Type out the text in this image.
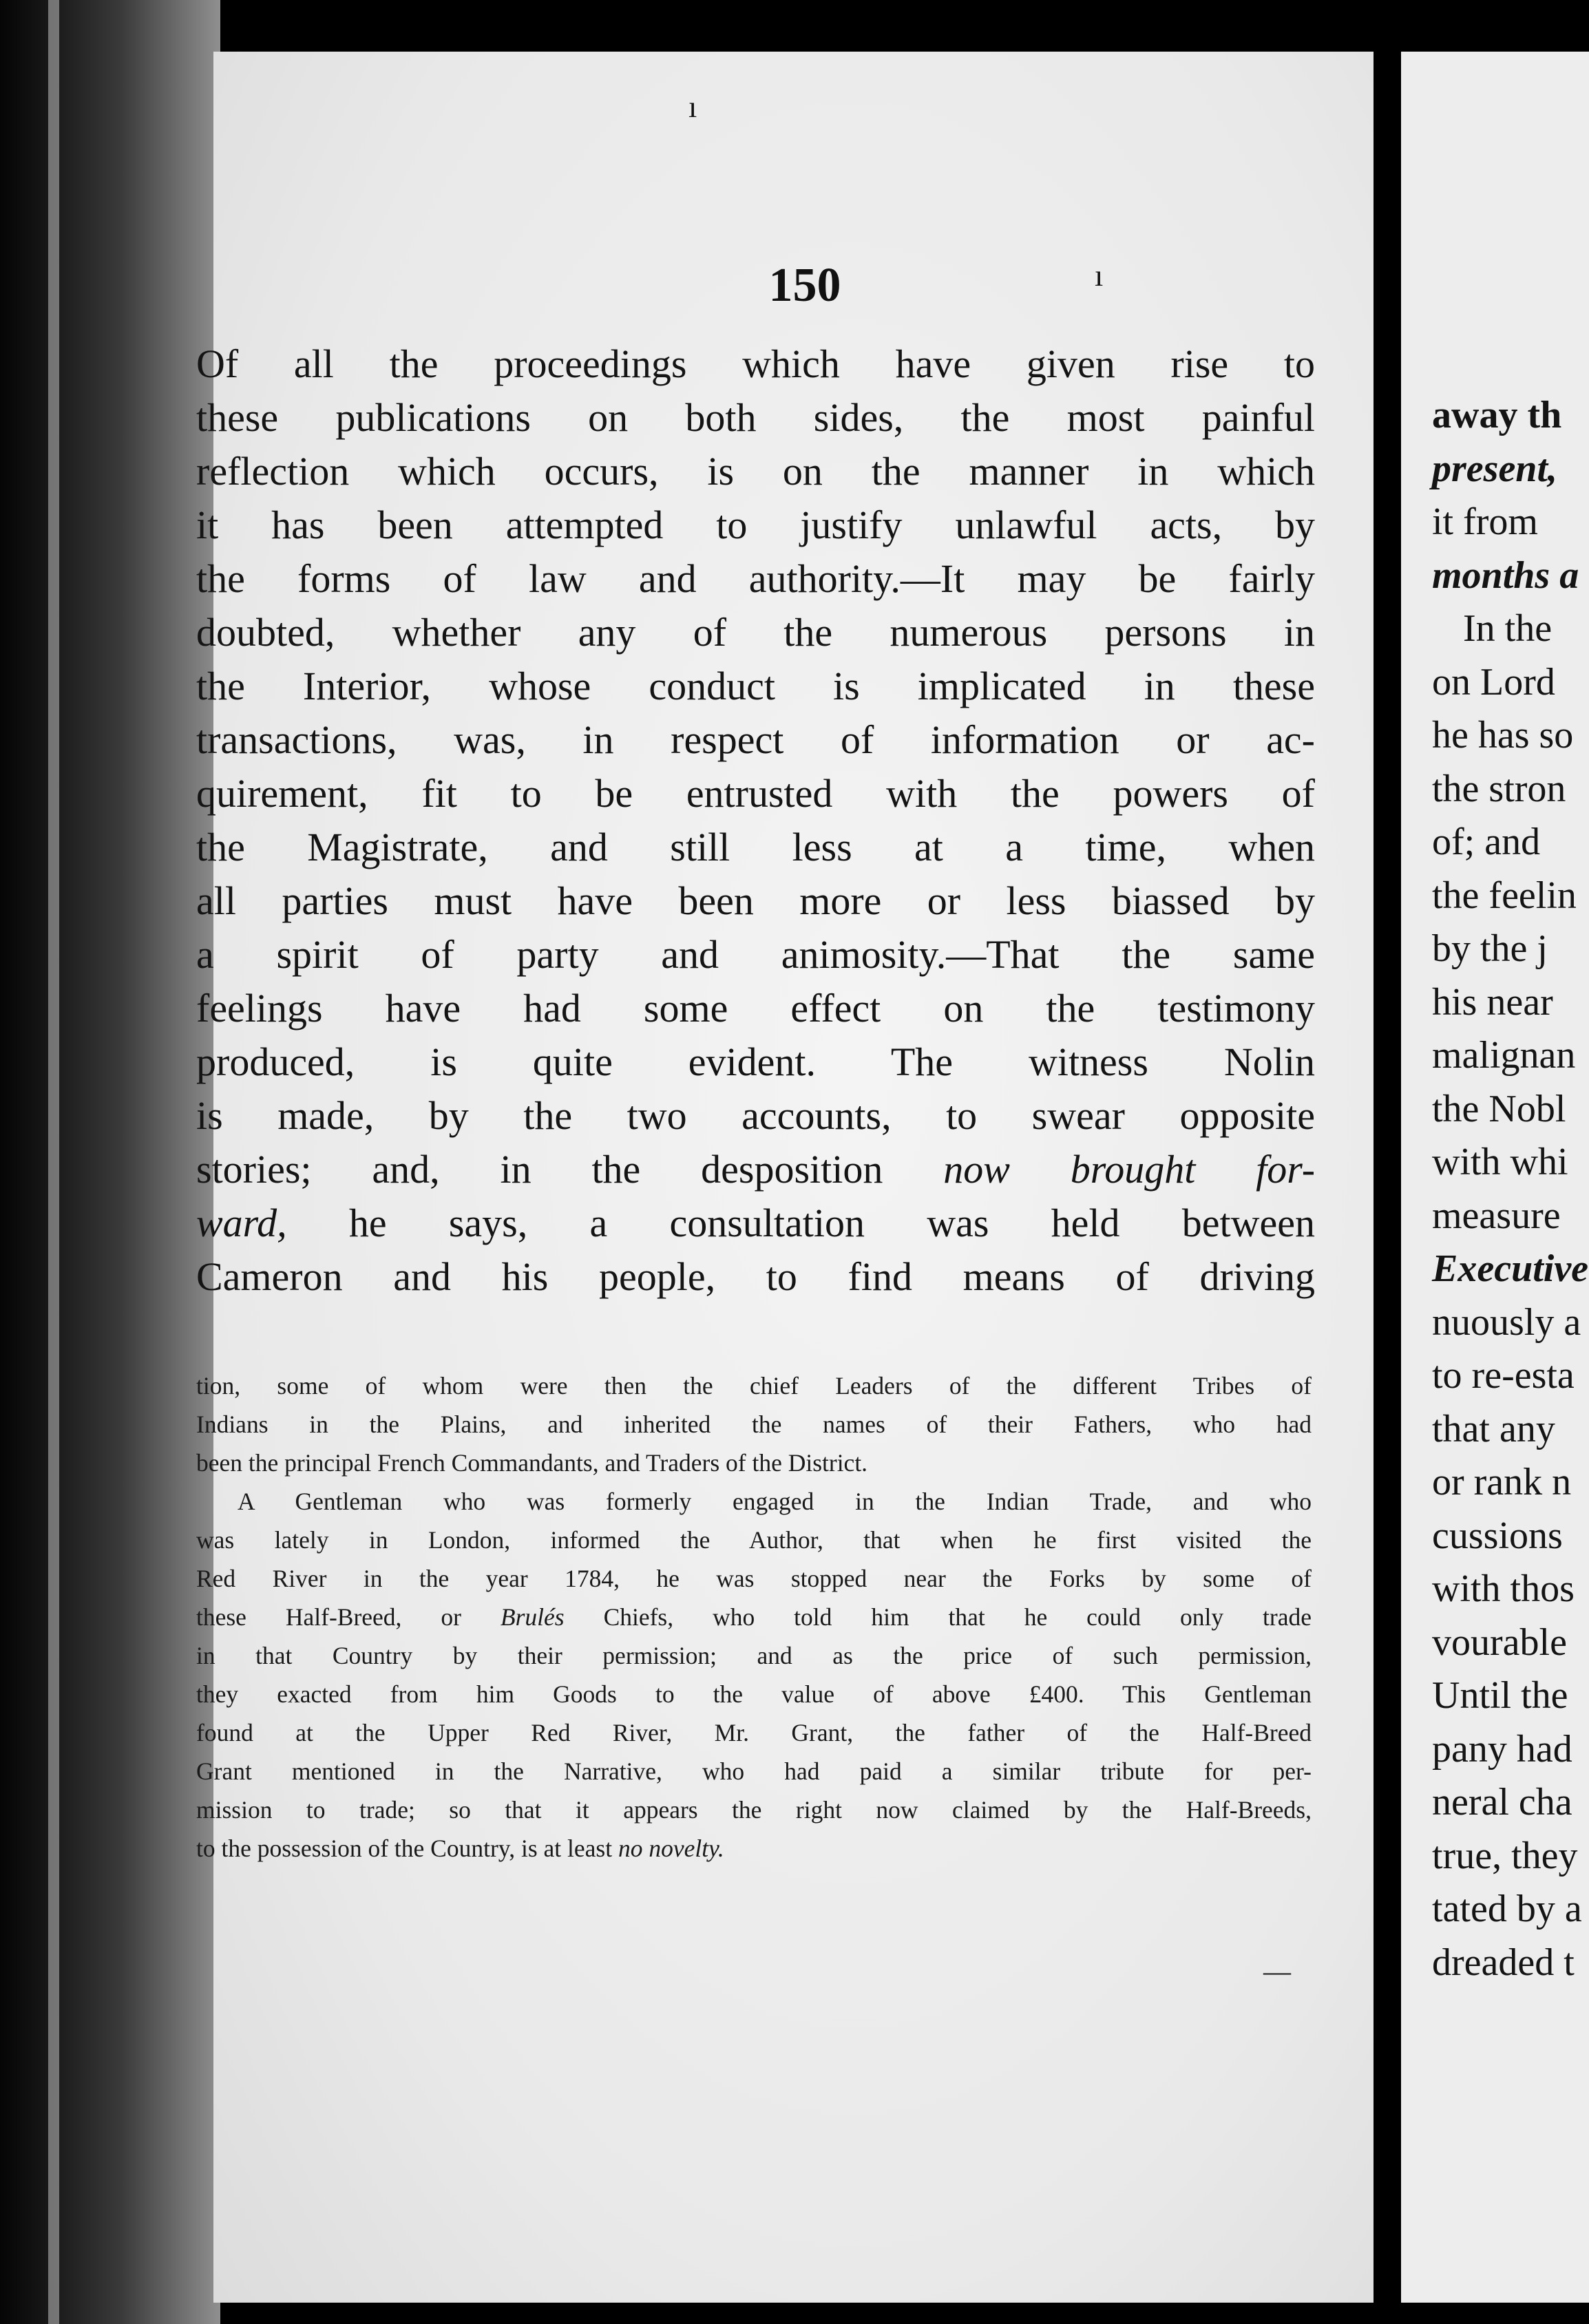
away th
present,
it from
months a
In the
on Lord
he has so
the stron
of; and
the feelin
by the j
his near
malignan
the Nobl
with whi
measure
Executive
nuously a
to re-esta
that any
or rank n
cussions
with thos
vourable
Until the
pany had
neral cha
true, they
tated by a
dreaded t
ı
ı
—
150
Of all the proceedings which have given rise to
these publications on both sides, the most painful
reflection which occurs, is on the manner in which
it has been attempted to justify unlawful acts, by
the forms of law and authority.—It may be fairly
doubted, whether any of the numerous persons in
the Interior, whose conduct is implicated in these
transactions, was, in respect of information or ac-
quirement, fit to be entrusted with the powers of
the Magistrate, and still less at a time, when
all parties must have been more or less biassed by
a spirit of party and animosity.—That the same
feelings have had some effect on the testimony
produced, is quite evident. The witness Nolin
is made, by the two accounts, to swear opposite
stories; and, in the desposition now brought for-
ward, he says, a consultation was held between
Cameron and his people, to find means of driving
tion, some of whom were then the chief Leaders of the different Tribes of
Indians in the Plains, and inherited the names of their Fathers, who had
been the principal French Commandants, and Traders of the District.
A Gentleman who was formerly engaged in the Indian Trade, and who
was lately in London, informed the Author, that when he first visited the
Red River in the year 1784, he was stopped near the Forks by some of
these Half-Breed, or Brulés Chiefs, who told him that he could only trade
in that Country by their permission; and as the price of such permission,
they exacted from him Goods to the value of above £400. This Gentleman
found at the Upper Red River, Mr. Grant, the father of the Half-Breed
Grant mentioned in the Narrative, who had paid a similar tribute for per-
mission to trade; so that it appears the right now claimed by the Half-Breeds,
to the possession of the Country, is at least no novelty.
